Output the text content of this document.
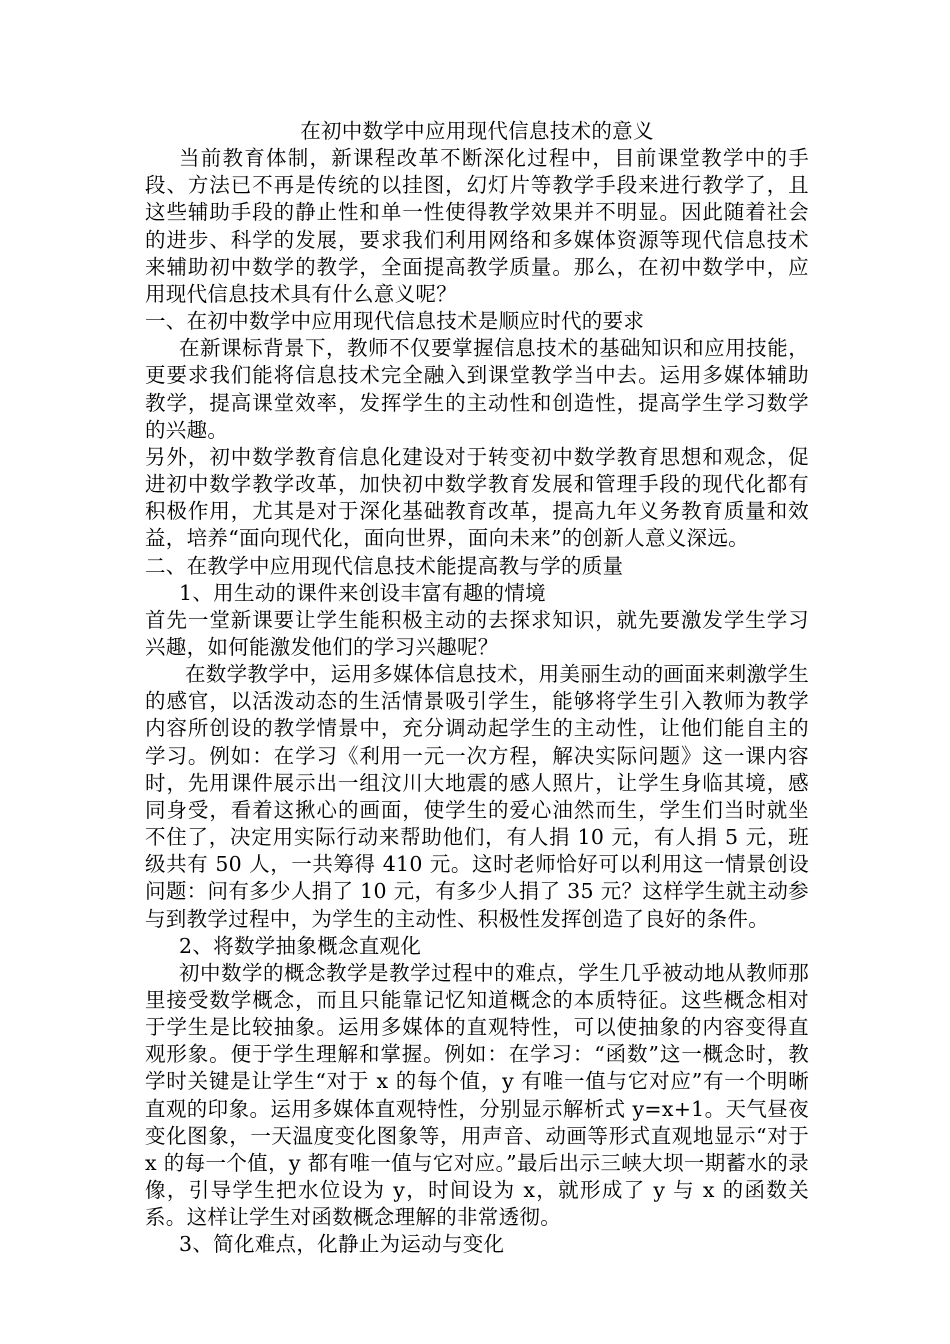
在初中数学中应用现代信息技术的意义

当前教育体制，新课程改革不断深化过程中，目前课堂教学中的手段、方法已不再是传统的以挂图，幻灯片等教学手段来进行教学了，且这些辅助手段的静止性和单一性使得教学效果并不明显。因此随着社会的进步、科学的发展，要求我们利用网络和多媒体资源等现代信息技术来辅助初中数学的教学，全面提高教学质量。那么，在初中数学中，应用现代信息技术具有什么意义呢？

一、在初中数学中应用现代信息技术是顺应时代的要求

在新课标背景下，教师不仅要掌握信息技术的基础知识和应用技能，更要求我们能将信息技术完全融入到课堂教学当中去。运用多媒体辅助教学，提高课堂效率，发挥学生的主动性和创造性，提高学生学习数学的兴趣。

另外，初中数学教育信息化建设对于转变初中数学教育思想和观念，促进初中数学教学改革，加快初中数学教育发展和管理手段的现代化都有积极作用，尤其是对于深化基础教育改革，提高九年义务教育质量和效益，培养“面向现代化，面向世界，面向未来”的创新人意义深远。

二、在教学中应用现代信息技术能提高教与学的质量

1、用生动的课件来创设丰富有趣的情境

首先一堂新课要让学生能积极主动的去探求知识，就先要激发学生学习兴趣，如何能激发他们的学习兴趣呢？

在数学教学中，运用多媒体信息技术，用美丽生动的画面来刺激学生的感官，以活泼动态的生活情景吸引学生，能够将学生引入教师为教学内容所创设的教学情景中，充分调动起学生的主动性，让他们能自主的学习。例如：在学习《利用一元一次方程，解决实际问题》这一课内容时，先用课件展示出一组汶川大地震的感人照片，让学生身临其境，感同身受，看着这揪心的画面，使学生的爱心油然而生，学生们当时就坐不住了，决定用实际行动来帮助他们，有人捐 10 元，有人捐 5 元，班级共有 50 人，一共筹得 410 元。这时老师恰好可以利用这一情景创设问题：问有多少人捐了 10 元，有多少人捐了 35 元？这样学生就主动参与到教学过程中，为学生的主动性、积极性发挥创造了良好的条件。

2、将数学抽象概念直观化

初中数学的概念教学是教学过程中的难点，学生几乎被动地从教师那里接受数学概念，而且只能靠记忆知道概念的本质特征。这些概念相对于学生是比较抽象。运用多媒体的直观特性，可以使抽象的内容变得直观形象。便于学生理解和掌握。例如：在学习：“函数”这一概念时，教学时关键是让学生“对于 x 的每个值，y 有唯一值与它对应”有一个明晰直观的印象。运用多媒体直观特性，分别显示解析式 y=x+1。天气昼夜变化图象，一天温度变化图象等，用声音、动画等形式直观地显示“对于 x 的每一个值，y 都有唯一值与它对应。”最后出示三峡大坝一期蓄水的录像，引导学生把水位设为 y，时间设为 x，就形成了 y 与 x 的函数关系。这样让学生对函数概念理解的非常透彻。

3、简化难点，化静止为运动与变化
